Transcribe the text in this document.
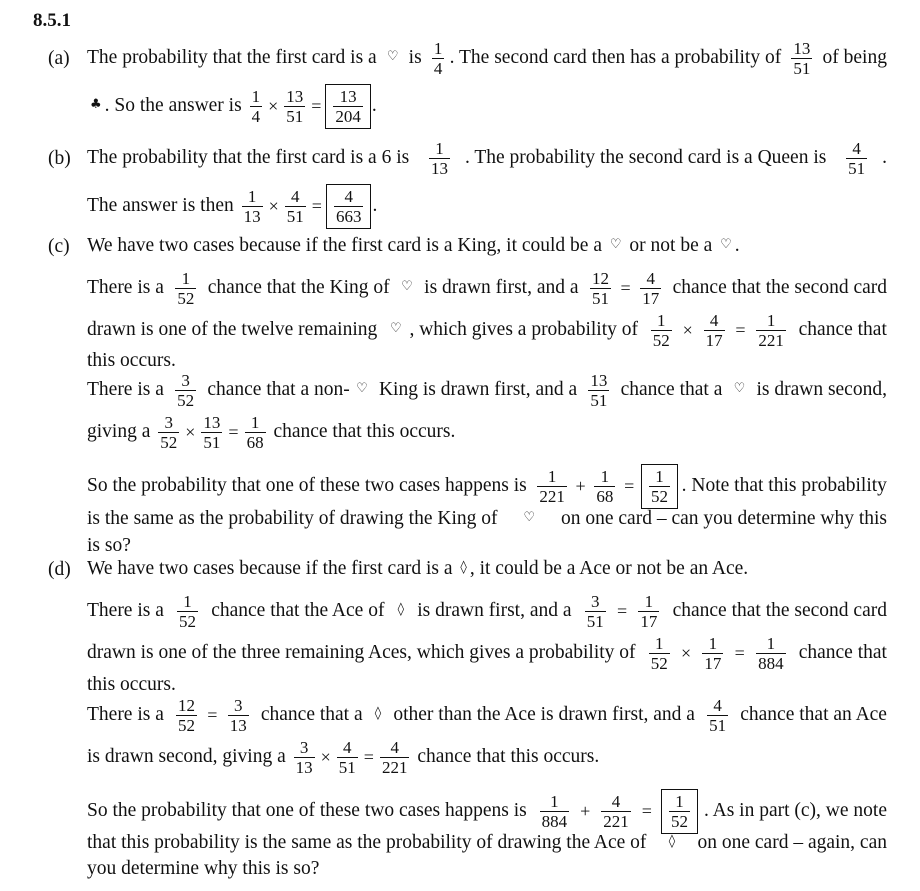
8.5.1
(a) The probability that the first card is a ♡ is $\frac{1}{4}$ . The second card then has a probability of $\frac{13}{51}$ of being
♣ . So the answer is $\frac{1}{4} \times \frac{13}{51} = \frac{13}{204}$ .
(b) The probability that the first card is a 6 is $\frac{1}{13}$ . The probability the second card is a Queen is $\frac{4}{51}$ .
The answer is then $\frac{1}{13} \times \frac{4}{51} = \frac{4}{663}$ .
(c) We have two cases because if the first card is a King, it could be a ♡ or not be a ♡ .
There is a $\frac{1}{52}$ chance that the King of ♡ is drawn first, and a $\frac{12}{51} = \frac{4}{17}$ chance that the second card
drawn is one of the twelve remaining ♡ , which gives a probability of $\frac{1}{52} \times \frac{4}{17} = \frac{1}{221}$ chance that
this occurs.
There is a $\frac{3}{52}$ chance that a non- ♡ King is drawn first, and a $\frac{13}{51}$ chance that a ♡ is drawn second,
giving a $\frac{3}{52} \times \frac{13}{51} = \frac{1}{68}$ chance that this occurs.
So the probability that one of these two cases happens is $\frac{1}{221} + \frac{1}{68} = \frac{1}{52}$ . Note that this probability
is the same as the probability of drawing the King of ♡ on one card – can you determine why this
is so?
(d) We have two cases because if the first card is a ◊ , it could be a Ace or not be an Ace.
There is a $\frac{1}{52}$ chance that the Ace of ◊ is drawn first, and a $\frac{3}{51} = \frac{1}{17}$ chance that the second card
drawn is one of the three remaining Aces, which gives a probability of $\frac{1}{52} \times \frac{1}{17} = \frac{1}{884}$ chance that
this occurs.
There is a $\frac{12}{52} = \frac{3}{13}$ chance that a ◊ other than the Ace is drawn first, and a $\frac{4}{51}$ chance that an Ace
is drawn second, giving a $\frac{3}{13} \times \frac{4}{51} = \frac{4}{221}$ chance that this occurs.
So the probability that one of these two cases happens is $\frac{1}{884} + \frac{4}{221} = \frac{1}{52}$ . As in part (c), we note
that this probability is the same as the probability of drawing the Ace of ◊ on one card – again, can
you determine why this is so?
